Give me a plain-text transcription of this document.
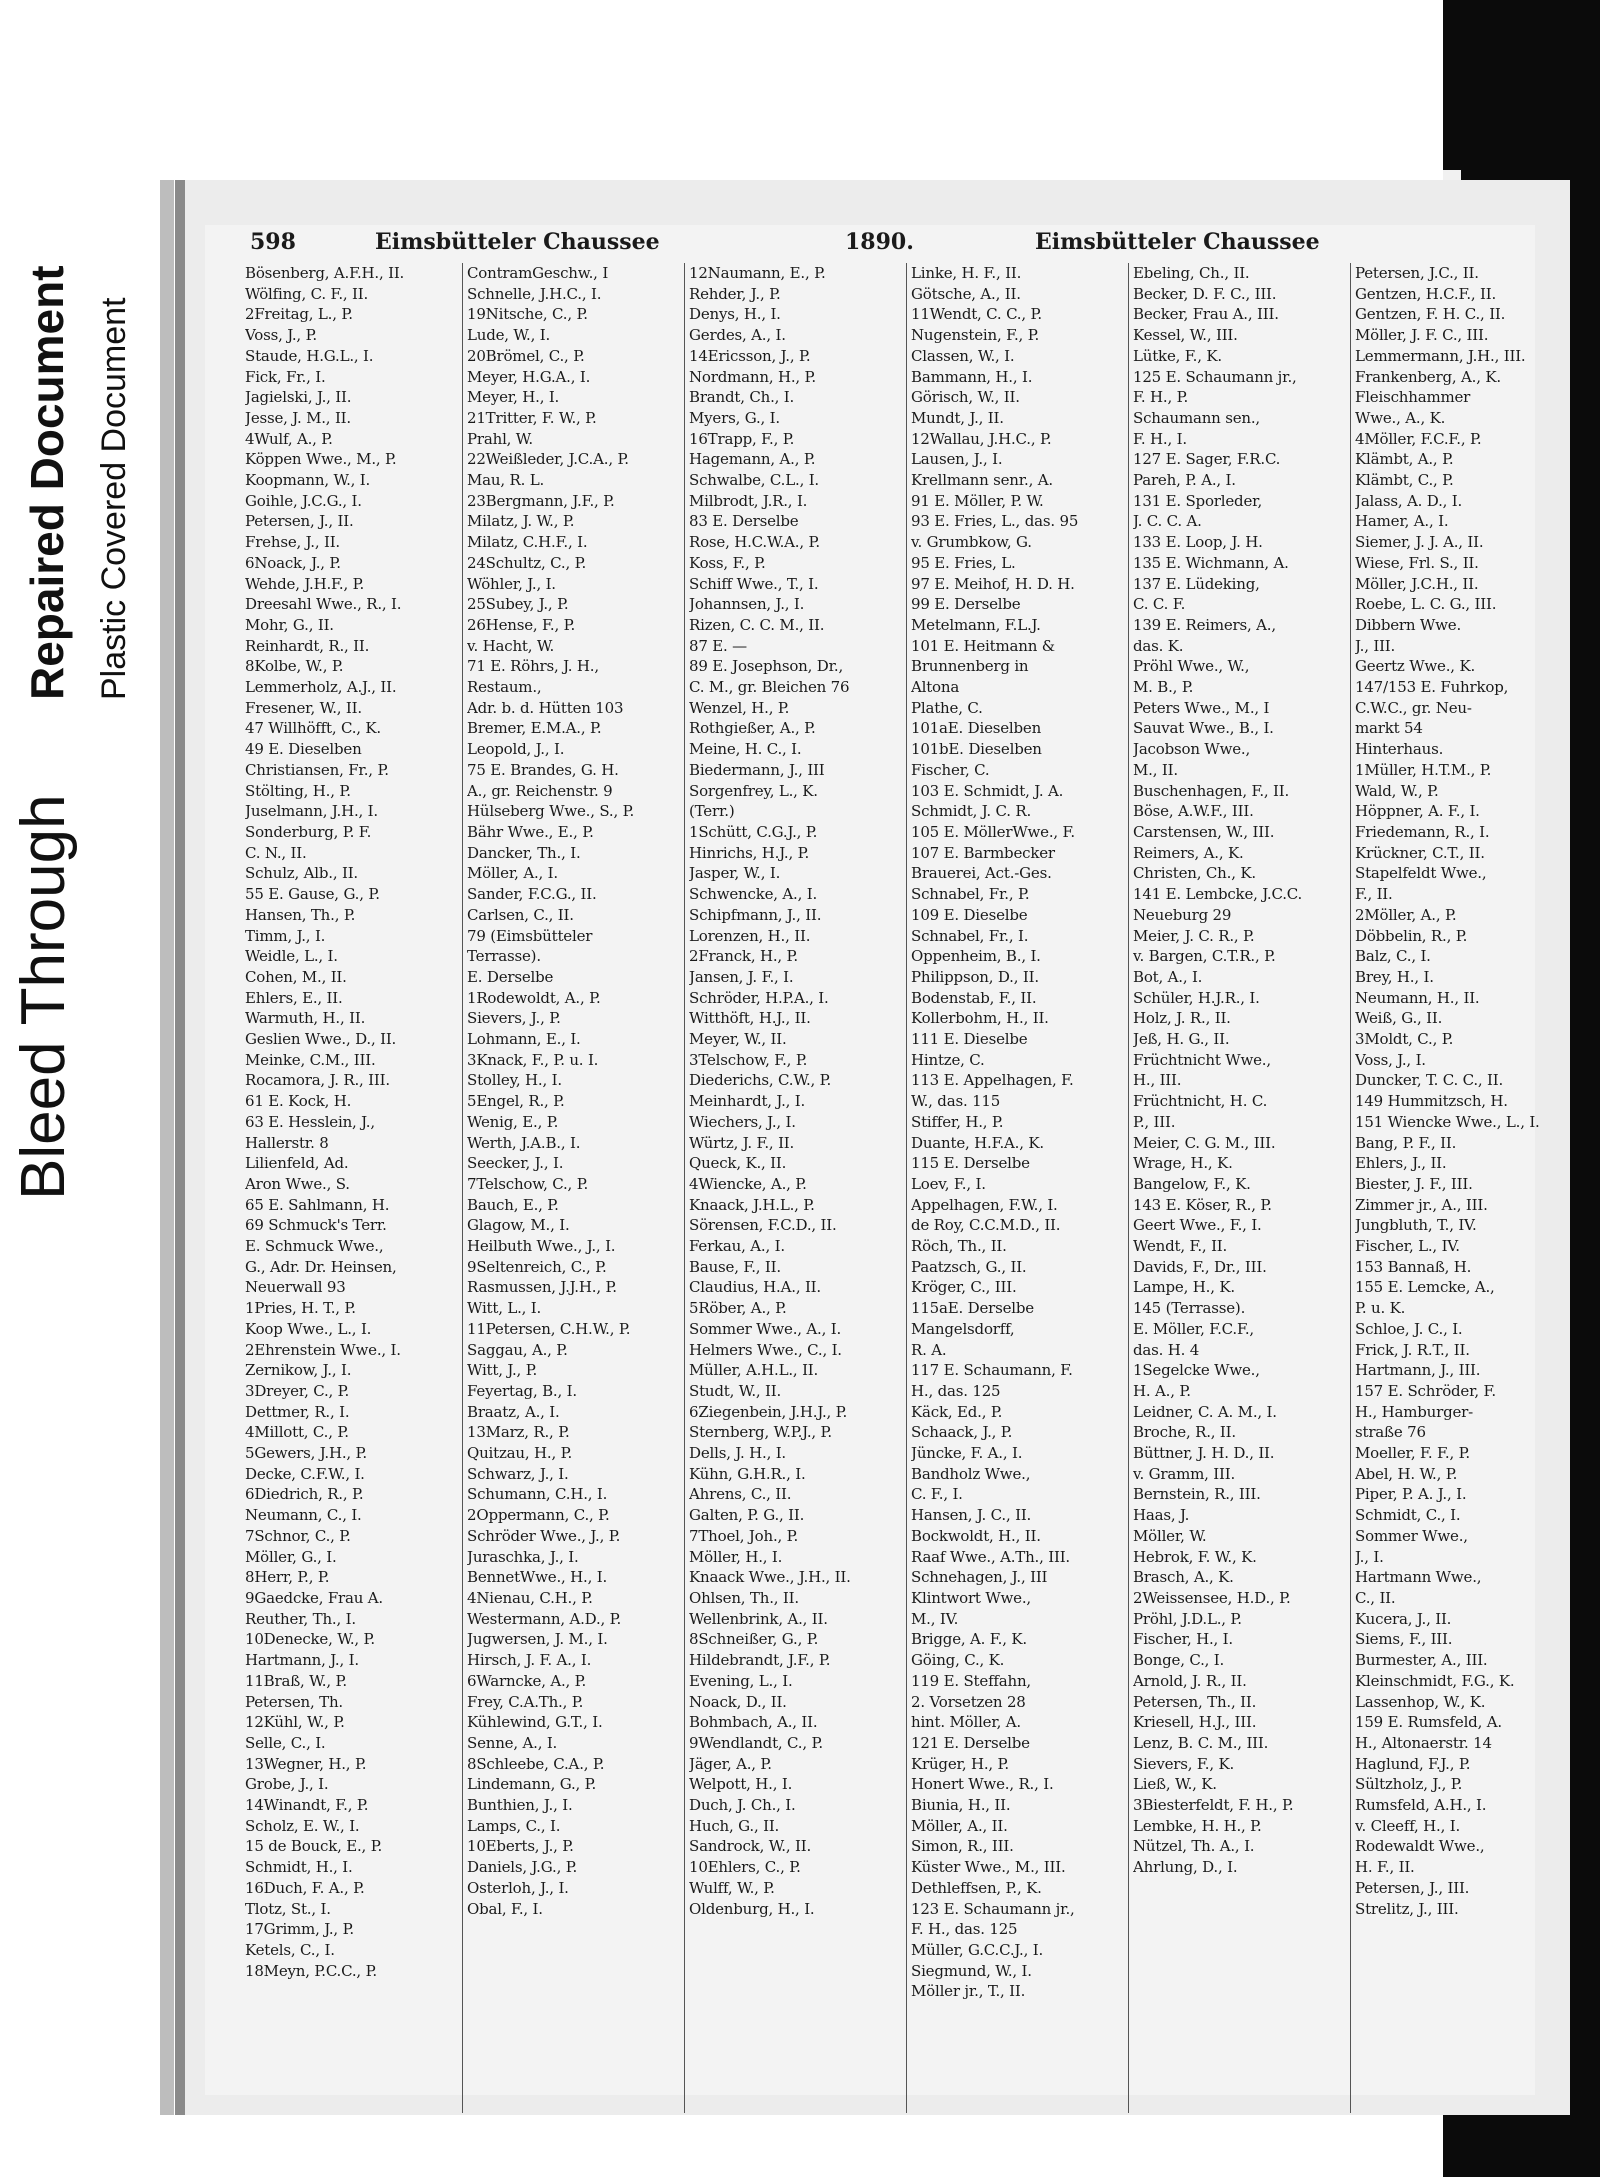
Bleed Through
Repaired Document Plastic Covered Document
598	Eimsbütteler Chaussee	1890.	Eimsbütteler Chaussee
Bösenberg, A.F.H., II.
Wölfing, C. F., II.
2Freitag, L., P.
Voss, J., P.
Staude, H.G.L., I.
Fick, Fr., I.
Jagielski, J., II.
Jesse, J. M., II.
4Wulf, A., P.
Köppen Wwe., M., P.
Koopmann, W., I.
Goihle, J.C.G., I.
Petersen, J., II.
Frehse, J., II.
6Noack, J., P.
Wehde, J.H.F., P.
Dreesahl Wwe., R., I.
Mohr, G., II.
Reinhardt, R., II.
8Kolbe, W., P.
Lemmerholz, A.J., II.
Fresener, W., II.
47 Willhöfft, C., K.
49 E. Dieselben
Christiansen, Fr., P.
Stölting, H., P.
Juselmann, J.H., I.
Sonderburg, P. F.
C. N., II.
Schulz, Alb., II.
55 E. Gause, G., P.
Hansen, Th., P.
Timm, J., I.
Weidle, L., I.
Cohen, M., II.
Ehlers, E., II.
Warmuth, H., II.
Geslien Wwe., D., II.
Meinke, C.M., III.
Rocamora, J. R., III.
61 E. Kock, H.
63 E. Hesslein, J.,
Hallerstr. 8
Lilienfeld, Ad.
Aron Wwe., S.
65 E. Sahlmann, H.
69 Schmuck's Terr.
E. Schmuck Wwe.,
G., Adr. Dr. Heinsen,
Neuerwall 93
1Pries, H. T., P.
Koop Wwe., L., I.
2Ehrenstein Wwe., I.
Zernikow, J., I.
3Dreyer, C., P.
Dettmer, R., I.
4Millott, C., P.
5Gewers, J.H., P.
Decke, C.F.W., I.
6Diedrich, R., P.
Neumann, C., I.
7Schnor, C., P.
Möller, G., I.
8Herr, P., P.
9Gaedcke, Frau A.
Reuther, Th., I.
10Denecke, W., P.
Hartmann, J., I.
11Braß, W., P.
Petersen, Th.
12Kühl, W., P.
Selle, C., I.
13Wegner, H., P.
Grobe, J., I.
14Winandt, F., P.
Scholz, E. W., I.
15 de Bouck, E., P.
Schmidt, H., I.
16Duch, F. A., P.
Tlotz, St., I.
17Grimm, J., P.
Ketels, C., I.
18Meyn, P.C.C., P.
ContramGeschw., I
Schnelle, J.H.C., I.
19Nitsche, C., P.
Lude, W., I.
20Brömel, C., P.
Meyer, H.G.A., I.
Meyer, H., I.
21Tritter, F. W., P.
Prahl, W.
22Weißleder, J.C.A., P.
Mau, R. L.
23Bergmann, J.F., P.
Milatz, J. W., P.
Milatz, C.H.F., I.
24Schultz, C., P.
Wöhler, J., I.
25Subey, J., P.
26Hense, F., P.
v. Hacht, W.
71 E. Röhrs, J. H.,
Restaum.,
Adr. b. d. Hütten 103
Bremer, E.M.A., P.
Leopold, J., I.
75 E. Brandes, G. H.
A., gr. Reichenstr. 9
Hülseberg Wwe., S., P.
Bähr Wwe., E., P.
Dancker, Th., I.
Möller, A., I.
Sander, F.C.G., II.
Carlsen, C., II.
79 (Eimsbütteler
Terrasse).
E. Derselbe
1Rodewoldt, A., P.
Sievers, J., P.
Lohmann, E., I.
3Knack, F., P. u. I.
Stolley, H., I.
5Engel, R., P.
Wenig, E., P.
Werth, J.A.B., I.
Seecker, J., I.
7Telschow, C., P.
Bauch, E., P.
Glagow, M., I.
Heilbuth Wwe., J., I.
9Seltenreich, C., P.
Rasmussen, J.J.H., P.
Witt, L., I.
11Petersen, C.H.W., P.
Saggau, A., P.
Witt, J., P.
Feyertag, B., I.
Braatz, A., I.
13Marz, R., P.
Quitzau, H., P.
Schwarz, J., I.
Schumann, C.H., I.
2Oppermann, C., P.
Schröder Wwe., J., P.
Juraschka, J., I.
BennetWwe., H., I.
4Nienau, C.H., P.
Westermann, A.D., P.
Jugwersen, J. M., I.
Hirsch, J. F. A., I.
6Warncke, A., P.
Frey, C.A.Th., P.
Kühlewind, G.T., I.
Senne, A., I.
8Schleebe, C.A., P.
Lindemann, G., P.
Bunthien, J., I.
Lamps, C., I.
10Eberts, J., P.
Daniels, J.G., P.
Osterloh, J., I.
Obal, F., I.
12Naumann, E., P.
Rehder, J., P.
Denys, H., I.
Gerdes, A., I.
14Ericsson, J., P.
Nordmann, H., P.
Brandt, Ch., I.
Myers, G., I.
16Trapp, F., P.
Hagemann, A., P.
Schwalbe, C.L., I.
Milbrodt, J.R., I.
83 E. Derselbe
Rose, H.C.W.A., P.
Koss, F., P.
Schiff Wwe., T., I.
Johannsen, J., I.
Rizen, C. C. M., II.
87 E. —
89 E. Josephson, Dr.,
C. M., gr. Bleichen 76
Wenzel, H., P.
Rothgießer, A., P.
Meine, H. C., I.
Biedermann, J., III
Sorgenfrey, L., K.
(Terr.)
1Schütt, C.G.J., P.
Hinrichs, H.J., P.
Jasper, W., I.
Schwencke, A., I.
Schipfmann, J., II.
Lorenzen, H., II.
2Franck, H., P.
Jansen, J. F., I.
Schröder, H.P.A., I.
Witthöft, H.J., II.
Meyer, W., II.
3Telschow, F., P.
Diederichs, C.W., P.
Meinhardt, J., I.
Wiechers, J., I.
Würtz, J. F., II.
Queck, K., II.
4Wiencke, A., P.
Knaack, J.H.L., P.
Sörensen, F.C.D., II.
Ferkau, A., I.
Bause, F., II.
Claudius, H.A., II.
5Röber, A., P.
Sommer Wwe., A., I.
Helmers Wwe., C., I.
Müller, A.H.L., II.
Studt, W., II.
6Ziegenbein, J.H.J., P.
Sternberg, W.P.J., P.
Dells, J. H., I.
Kühn, G.H.R., I.
Ahrens, C., II.
Galten, P. G., II.
7Thoel, Joh., P.
Möller, H., I.
Knaack Wwe., J.H., II.
Ohlsen, Th., II.
Wellenbrink, A., II.
8Schneißer, G., P.
Hildebrandt, J.F., P.
Evening, L., I.
Noack, D., II.
Bohmbach, A., II.
9Wendlandt, C., P.
Jäger, A., P.
Welpott, H., I.
Duch, J. Ch., I.
Huch, G., II.
Sandrock, W., II.
10Ehlers, C., P.
Wulff, W., P.
Oldenburg, H., I.
Linke, H. F., II.
Götsche, A., II.
11Wendt, C. C., P.
Nugenstein, F., P.
Classen, W., I.
Bammann, H., I.
Görisch, W., II.
Mundt, J., II.
12Wallau, J.H.C., P.
Lausen, J., I.
Krellmann senr., A.
91 E. Möller, P. W.
93 E. Fries, L., das. 95
v. Grumbkow, G.
95 E. Fries, L.
97 E. Meihof, H. D. H.
99 E. Derselbe
Metelmann, F.L.J.
101 E. Heitmann &
Brunnenberg in
Altona
Plathe, C.
101aE. Dieselben
101bE. Dieselben
Fischer, C.
103 E. Schmidt, J. A.
Schmidt, J. C. R.
105 E. MöllerWwe., F.
107 E. Barmbecker
Brauerei, Act.-Ges.
Schnabel, Fr., P.
109 E. Dieselbe
Schnabel, Fr., I.
Oppenheim, B., I.
Philippson, D., II.
Bodenstab, F., II.
Kollerbohm, H., II.
111 E. Dieselbe
Hintze, C.
113 E. Appelhagen, F.
W., das. 115
Stiffer, H., P.
Duante, H.F.A., K.
115 E. Derselbe
Loev, F., I.
Appelhagen, F.W., I.
de Roy, C.C.M.D., II.
Röch, Th., II.
Paatzsch, G., II.
Kröger, C., III.
115aE. Derselbe
Mangelsdorff,
R. A.
117 E. Schaumann, F.
H., das. 125
Käck, Ed., P.
Schaack, J., P.
Jüncke, F. A., I.
Bandholz Wwe.,
C. F., I.
Hansen, J. C., II.
Bockwoldt, H., II.
Raaf Wwe., A.Th., III.
Schnehagen, J., III
Klintwort Wwe.,
M., IV.
Brigge, A. F., K.
Göing, C., K.
119 E. Steffahn,
2. Vorsetzen 28
hint. Möller, A.
121 E. Derselbe
Krüger, H., P.
Honert Wwe., R., I.
Biunia, H., II.
Möller, A., II.
Simon, R., III.
Küster Wwe., M., III.
Dethleffsen, P., K.
123 E. Schaumann jr.,
F. H., das. 125
Müller, G.C.C.J., I.
Siegmund, W., I.
Möller jr., T., II.
Ebeling, Ch., II.
Becker, D. F. C., III.
Becker, Frau A., III.
Kessel, W., III.
Lütke, F., K.
125 E. Schaumann jr.,
F. H., P.
Schaumann sen.,
F. H., I.
127 E. Sager, F.R.C.
Pareh, P. A., I.
131 E. Sporleder,
J. C. C. A.
133 E. Loop, J. H.
135 E. Wichmann, A.
137 E. Lüdeking,
C. C. F.
139 E. Reimers, A.,
das. K.
Pröhl Wwe., W.,
M. B., P.
Peters Wwe., M., I
Sauvat Wwe., B., I.
Jacobson Wwe.,
M., II.
Buschenhagen, F., II.
Böse, A.W.F., III.
Carstensen, W., III.
Reimers, A., K.
Christen, Ch., K.
141 E. Lembcke, J.C.C.
Neueburg 29
Meier, J. C. R., P.
v. Bargen, C.T.R., P.
Bot, A., I.
Schüler, H.J.R., I.
Holz, J. R., II.
Jeß, H. G., II.
Früchtnicht Wwe.,
H., III.
Früchtnicht, H. C.
P., III.
Meier, C. G. M., III.
Wrage, H., K.
Bangelow, F., K.
143 E. Köser, R., P.
Geert Wwe., F., I.
Wendt, F., II.
Davids, F., Dr., III.
Lampe, H., K.
145 (Terrasse).
E. Möller, F.C.F.,
das. H. 4
1Segelcke Wwe.,
H. A., P.
Leidner, C. A. M., I.
Broche, R., II.
Büttner, J. H. D., II.
v. Gramm, III.
Bernstein, R., III.
Haas, J.
Möller, W.
Hebrok, F. W., K.
Brasch, A., K.
2Weissensee, H.D., P.
Pröhl, J.D.L., P.
Fischer, H., I.
Bonge, C., I.
Arnold, J. R., II.
Petersen, Th., II.
Kriesell, H.J., III.
Lenz, B. C. M., III.
Sievers, F., K.
Ließ, W., K.
3Biesterfeldt, F. H., P.
Lembke, H. H., P.
Nützel, Th. A., I.
Ahrlung, D., I.
Petersen, J.C., II.
Gentzen, H.C.F., II.
Gentzen, F. H. C., II.
Möller, J. F. C., III.
Lemmermann, J.H., III.
Frankenberg, A., K.
Fleischhammer
Wwe., A., K.
4Möller, F.C.F., P.
Klämbt, A., P.
Klämbt, C., P.
Jalass, A. D., I.
Hamer, A., I.
Siemer, J. J. A., II.
Wiese, Frl. S., II.
Möller, J.C.H., II.
Roebe, L. C. G., III.
Dibbern Wwe.
J., III.
Geertz Wwe., K.
147/153 E. Fuhrkop,
C.W.C., gr. Neu-
markt 54
Hinterhaus.
1Müller, H.T.M., P.
Wald, W., P.
Höppner, A. F., I.
Friedemann, R., I.
Krückner, C.T., II.
Stapelfeldt Wwe.,
F., II.
2Möller, A., P.
Döbbelin, R., P.
Balz, C., I.
Brey, H., I.
Neumann, H., II.
Weiß, G., II.
3Moldt, C., P.
Voss, J., I.
Duncker, T. C. C., II.
149 Hummitzsch, H.
151 Wiencke Wwe., L., I.
Bang, P. F., II.
Ehlers, J., II.
Biester, J. F., III.
Zimmer jr., A., III.
Jungbluth, T., IV.
Fischer, L., IV.
153 Bannaß, H.
155 E. Lemcke, A.,
P. u. K.
Schloe, J. C., I.
Frick, J. R.T., II.
Hartmann, J., III.
157 E. Schröder, F.
H., Hamburger-
straße 76
Moeller, F. F., P.
Abel, H. W., P.
Piper, P. A. J., I.
Schmidt, C., I.
Sommer Wwe.,
J., I.
Hartmann Wwe.,
C., II.
Kucera, J., II.
Siems, F., III.
Burmester, A., III.
Kleinschmidt, F.G., K.
Lassenhop, W., K.
159 E. Rumsfeld, A.
H., Altonaerstr. 14
Haglund, F.J., P.
Sültzholz, J., P.
Rumsfeld, A.H., I.
v. Cleeff, H., I.
Rodewaldt Wwe.,
H. F., II.
Petersen, J., III.
Strelitz, J., III.
